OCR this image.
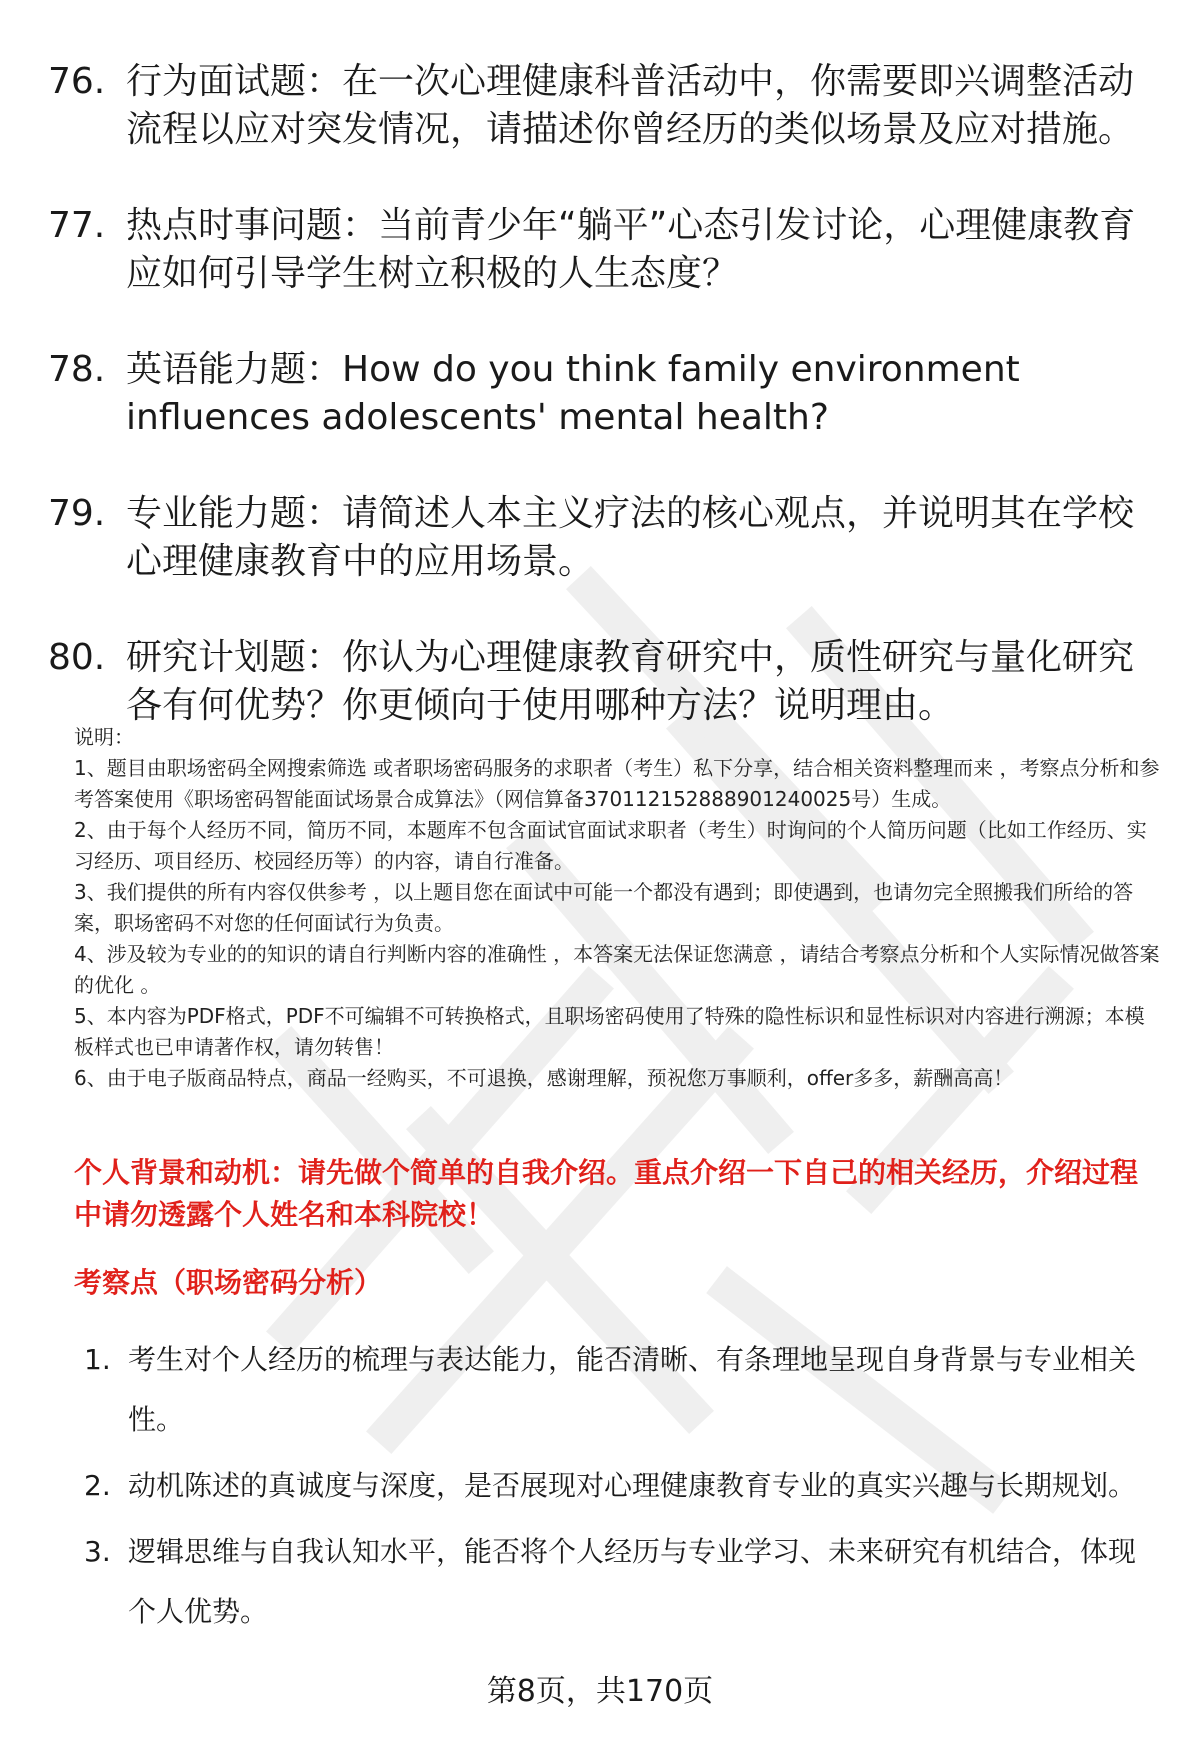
76. 行为面试题：在一次心理健康科普活动中，你需要即兴调整活动流程以应对突发情况，请描述你曾经历的类似场景及应对措施。
77. 热点时事问题：当前青少年“躺平”心态引发讨论，心理健康教育应如何引导学生树立积极的人生态度？
78. 英语能力题：How do you think family environment influences adolescents' mental health?
79. 专业能力题：请简述人本主义疗法的核心观点，并说明其在学校心理健康教育中的应用场景。
80. 研究计划题：你认为心理健康教育研究中，质性研究与量化研究各有何优势？你更倾向于使用哪种方法？说明理由。

说明：

1、题目由职场密码全网搜索筛选 或者职场密码服务的求职者（考生）私下分享，结合相关资料整理而来 ，考察点分析和参考答案使用《职场密码智能面试场景合成算法》（网信算备370112152888901240025号）生成。

2、由于每个人经历不同，简历不同，本题库不包含面试官面试求职者（考生）时询问的个人简历问题（比如工作经历、实习经历、项目经历、校园经历等）的内容，请自行准备。

3、我们提供的所有内容仅供参考 ，以上题目您在面试中可能一个都没有遇到；即使遇到，也请勿完全照搬我们所给的答案，职场密码不对您的任何面试行为负责。

4、涉及较为专业的的知识的请自行判断内容的准确性 ，本答案无法保证您满意 ，请结合考察点分析和个人实际情况做答案的优化 。

5、本内容为PDF格式，PDF不可编辑不可转换格式，且职场密码使用了特殊的隐性标识和显性标识对内容进行溯源；本模板样式也已申请著作权，请勿转售！

6、由于电子版商品特点，商品一经购买，不可退换，感谢理解，预祝您万事顺利，offer多多，薪酬高高！

个人背景和动机：请先做个简单的自我介绍。重点介绍一下自己的相关经历，介绍过程中请勿透露个人姓名和本科院校！
考察点（职场密码分析）
1. 考生对个人经历的梳理与表达能力，能否清晰、有条理地呈现自身背景与专业相关性。
2. 动机陈述的真诚度与深度，是否展现对心理健康教育专业的真实兴趣与长期规划。
3. 逻辑思维与自我认知水平，能否将个人经历与专业学习、未来研究有机结合，体现个人优势。
第8页，共170页
